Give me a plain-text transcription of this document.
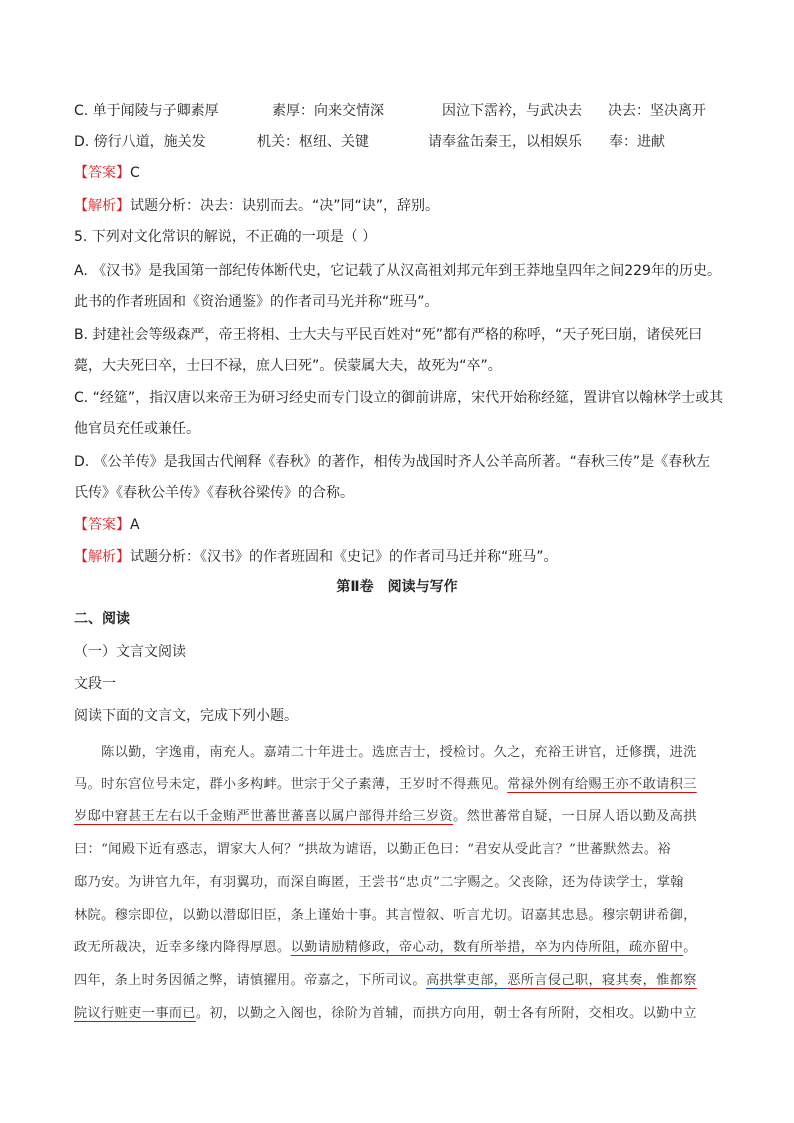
C. 单于闻陵与子卿素厚	素厚：向来交情深	因泣下霑衿，与武决去 决去：坚决离开
D. 傍行八道，施关发	机关：枢纽、关键	请奉盆缶秦王，以相娱乐 奉：进献
【答案】C
【解析】试题分析：决去：诀别而去。“决”同“诀”，辞别。
5. 下列对文化常识的解说，不正确的一项是（ ）
A. 《汉书》是我国第一部纪传体断代史，它记载了从汉高祖刘邦元年到王莽地皇四年之间229年的历史。
此书的作者班固和《资治通鉴》的作者司马光并称“班马”。
B. 封建社会等级森严，帝王将相、士大夫与平民百姓对“死”都有严格的称呼，“天子死曰崩，诸侯死曰
薨，大夫死曰卒，士曰不禄，庶人曰死”。侯蒙属大夫，故死为“卒”。
C. “经筵”，指汉唐以来帝王为研习经史而专门设立的御前讲席，宋代开始称经筵，置讲官以翰林学士或其
他官员充任或兼任。
D. 《公羊传》是我国古代阐释《春秋》的著作，相传为战国时齐人公羊高所著。“春秋三传”是《春秋左
氏传》《春秋公羊传》《春秋谷梁传》的合称。
【答案】A
【解析】试题分析：《汉书》的作者班固和《史记》的作者司马迁并称“班马”。
第Ⅱ卷　阅读与写作
二、阅读
（一）文言文阅读
文段一
阅读下面的文言文，完成下列小题。
　　陈以勤，字逸甫，南充人。嘉靖二十年进士。选庶吉士，授检讨。久之，充裕王讲官，迁修撰，进洗
马。时东宫位号未定，群小多构衅。世宗于父子素薄，王岁时不得燕见。常禄外例有给赐王亦不敢请积三
岁邸中窘甚王左右以千金贿严世蕃世蕃喜以属户部得并给三岁资。然世蕃常自疑，一日屏人语以勤及高拱
曰：“闻殿下近有惑志，谓家大人何？”拱故为谑语，以勤正色曰：“君安从受此言？”世蕃默然去。裕
邸乃安。为讲官九年，有羽翼功，而深自晦匿，王尝书“忠贞”二字赐之。父丧除，还为侍读学士，掌翰
林院。穆宗即位，以勤以潜邸旧臣，条上谨始十事。其言愷叙、听言尤切。诏嘉其忠恳。穆宗朝讲希御，
政无所裁决，近幸多缘内降得厚恩。以勤请励精修政，帝心动，数有所举措，卒为内侍所阻，疏亦留中。
四年，条上时务因循之弊，请慎擢用。帝嘉之，下所司议。高拱掌吏部，恶所言侵己职，寝其奏，惟都察
院议行赃吏一事而已。初，以勤之入阁也，徐阶为首辅，而拱方向用，朝士各有所附，交相攻。以勤中立
